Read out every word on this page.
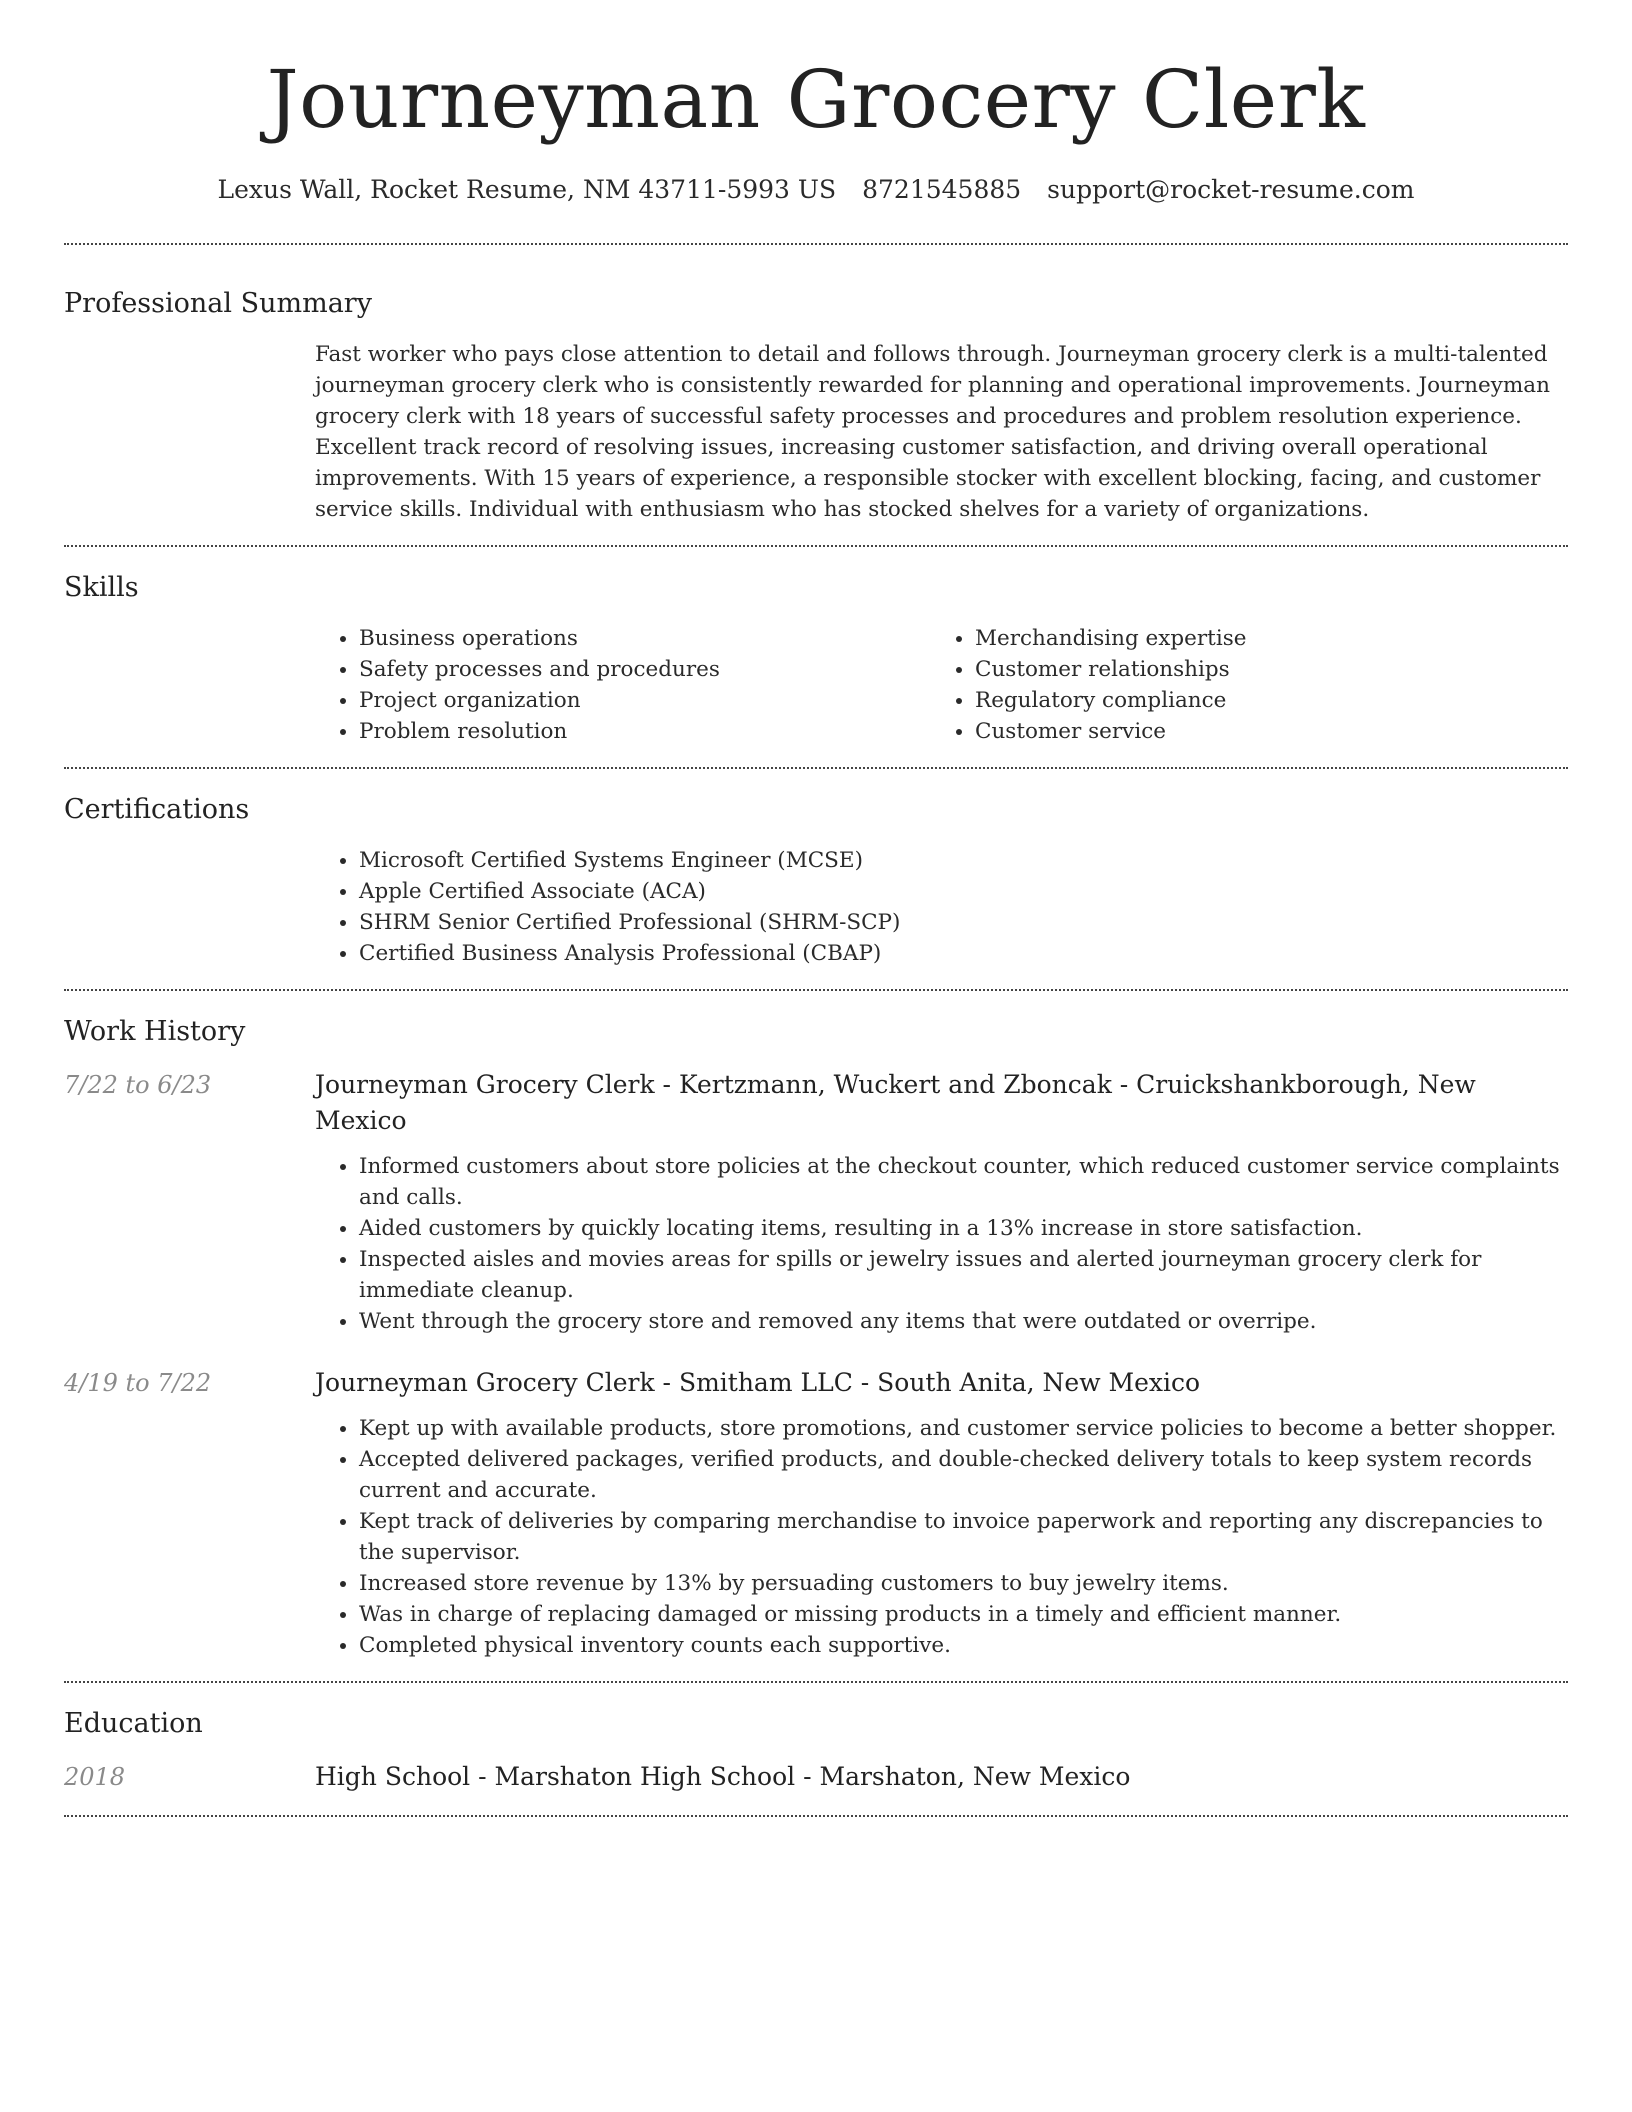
Journeyman Grocery Clerk
Lexus Wall, Rocket Resume, NM 43711-5993 US 8721545885 support@rocket-resume.com
Professional Summary

Fast worker who pays close attention to detail and follows through. Journeyman grocery clerk is a multi-talented journeyman grocery clerk who is consistently rewarded for planning and operational improvements. Journeyman grocery clerk with 18 years of successful safety processes and procedures and problem resolution experience. Excellent track record of resolving issues, increasing customer satisfaction, and driving overall operational improvements. With 15 years of experience, a responsible stocker with excellent blocking, facing, and customer service skills. Individual with enthusiasm who has stocked shelves for a variety of organizations.

Skills
• Business operations
• Safety processes and procedures
• Project organization
• Problem resolution
• Merchandising expertise
• Customer relationships
• Regulatory compliance
• Customer service
Certifications
• Microsoft Certified Systems Engineer (MCSE)
• Apple Certified Associate (ACA)
• SHRM Senior Certified Professional (SHRM-SCP)
• Certified Business Analysis Professional (CBAP)
Work History
7/22 to 6/23	Journeyman Grocery Clerk - Kertzmann, Wuckert and Zboncak - Cruickshankborough, New Mexico
• Informed customers about store policies at the checkout counter, which reduced customer service complaints and calls.
• Aided customers by quickly locating items, resulting in a 13% increase in store satisfaction.
• Inspected aisles and movies areas for spills or jewelry issues and alerted journeyman grocery clerk for immediate cleanup.
• Went through the grocery store and removed any items that were outdated or overripe.
4/19 to 7/22	Journeyman Grocery Clerk - Smitham LLC - South Anita, New Mexico
• Kept up with available products, store promotions, and customer service policies to become a better shopper.
• Accepted delivered packages, verified products, and double-checked delivery totals to keep system records current and accurate.
• Kept track of deliveries by comparing merchandise to invoice paperwork and reporting any discrepancies to the supervisor.
• Increased store revenue by 13% by persuading customers to buy jewelry items.
• Was in charge of replacing damaged or missing products in a timely and efficient manner.
• Completed physical inventory counts each supportive.
Education
2018	High School - Marshaton High School - Marshaton, New Mexico
